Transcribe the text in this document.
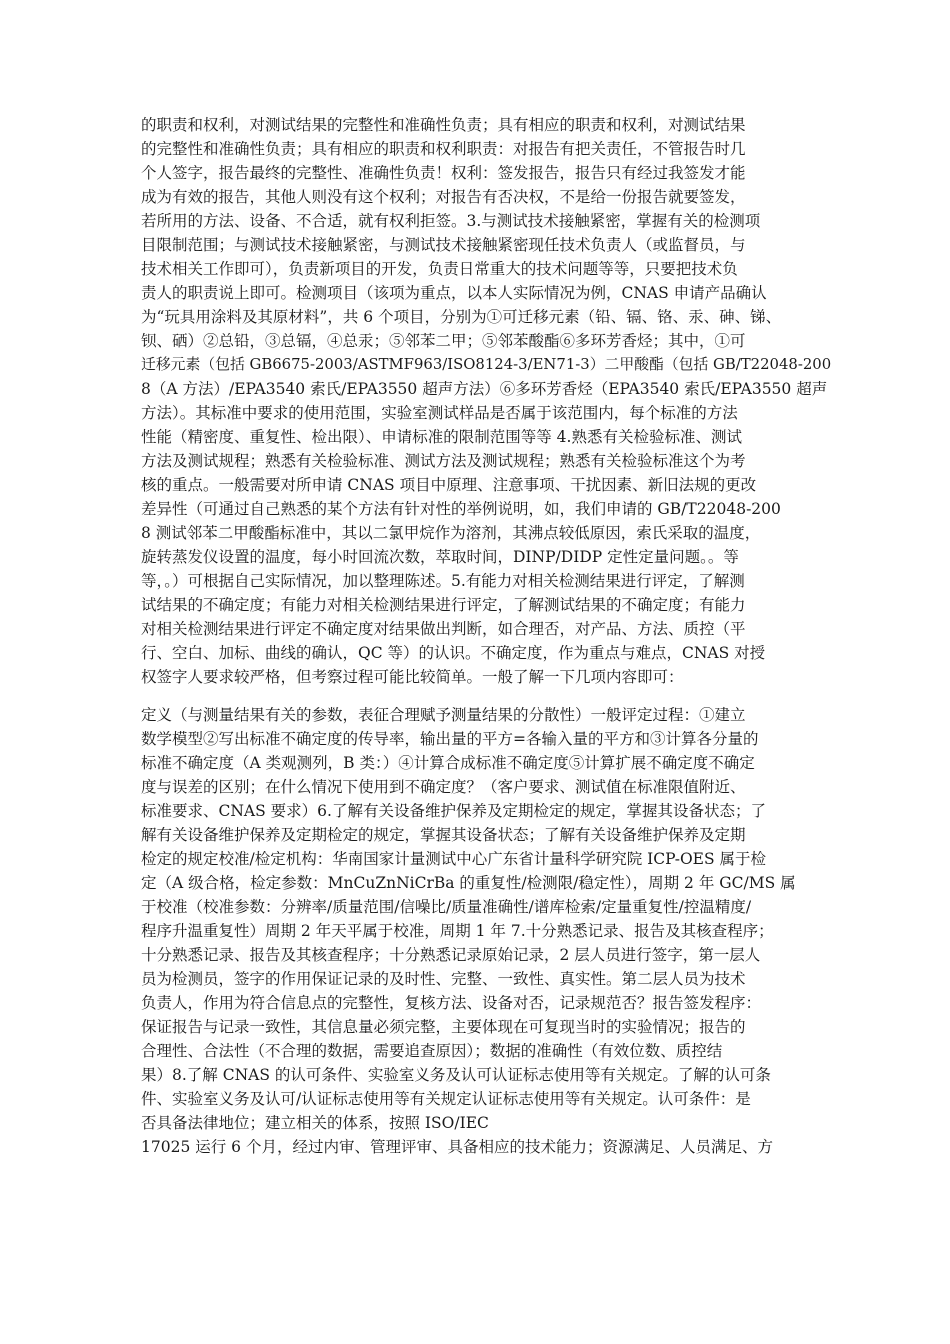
的职责和权利，对测试结果的完整性和准确性负责；具有相应的职责和权利，对测试结果
的完整性和准确性负责；具有相应的职责和权利职责：对报告有把关责任，不管报告时几
个人签字，报告最终的完整性、准确性负责！权利：签发报告，报告只有经过我签发才能
成为有效的报告，其他人则没有这个权利；对报告有否决权，不是给一份报告就要签发，
若所用的方法、设备、不合适，就有权利拒签。3.与测试技术接触紧密，掌握有关的检测项
目限制范围；与测试技术接触紧密，与测试技术接触紧密现任技术负责人（或监督员，与
技术相关工作即可），负责新项目的开发，负责日常重大的技术问题等等，只要把技术负
责人的职责说上即可。检测项目（该项为重点，以本人实际情况为例，CNAS 申请产品确认
为“玩具用涂料及其原材料”，共 6 个项目，分别为①可迁移元素（铅、镉、铬、汞、砷、锑、
钡、硒）②总铅，③总镉，④总汞；⑤邻苯二甲；⑤邻苯酸酯⑥多环芳香烃；其中，①可
迁移元素（包括 GB6675-2003/ASTMF963/ISO8124-3/EN71-3）二甲酸酯（包括 GB/T22048-200
8（A 方法）/EPA3540 索氏/EPA3550 超声方法）⑥多环芳香烃（EPA3540 索氏/EPA3550 超声
方法）。其标准中要求的使用范围，实验室测试样品是否属于该范围内，每个标准的方法
性能（精密度、重复性、检出限）、申请标准的限制范围等等 4.熟悉有关检验标准、测试
方法及测试规程；熟悉有关检验标准、测试方法及测试规程；熟悉有关检验标准这个为考
核的重点。一般需要对所申请 CNAS 项目中原理、注意事项、干扰因素、新旧法规的更改
差异性（可通过自己熟悉的某个方法有针对性的举例说明，如，我们申请的 GB/T22048-200
8 测试邻苯二甲酸酯标准中，其以二氯甲烷作为溶剂，其沸点较低原因，索氏采取的温度，
旋转蒸发仪设置的温度，每小时回流次数，萃取时间，DINP/DIDP 定性定量问题。。等
等，。）可根据自己实际情况，加以整理陈述。5.有能力对相关检测结果进行评定，了解测
试结果的不确定度；有能力对相关检测结果进行评定，了解测试结果的不确定度；有能力
对相关检测结果进行评定不确定度对结果做出判断，如合理否，对产品、方法、质控（平
行、空白、加标、曲线的确认，QC 等）的认识。不确定度，作为重点与难点，CNAS 对授
权签字人要求较严格，但考察过程可能比较简单。一般了解一下几项内容即可：
定义（与测量结果有关的参数，表征合理赋予测量结果的分散性）一般评定过程：①建立
数学模型②写出标准不确定度的传导率，输出量的平方=各输入量的平方和③计算各分量的
标准不确定度（A 类观测列，B 类：）④计算合成标准不确定度⑤计算扩展不确定度不确定
度与误差的区别；在什么情况下使用到不确定度？（客户要求、测试值在标准限值附近、
标准要求、CNAS 要求）6.了解有关设备维护保养及定期检定的规定，掌握其设备状态；了
解有关设备维护保养及定期检定的规定，掌握其设备状态；了解有关设备维护保养及定期
检定的规定校准/检定机构：华南国家计量测试中心广东省计量科学研究院 ICP-OES 属于检
定（A 级合格，检定参数：MnCuZnNiCrBa 的重复性/检测限/稳定性），周期 2 年 GC/MS 属
于校准（校准参数：分辨率/质量范围/信噪比/质量准确性/谱库检索/定量重复性/控温精度/
程序升温重复性）周期 2 年天平属于校准，周期 1 年 7.十分熟悉记录、报告及其核查程序；
十分熟悉记录、报告及其核查程序；十分熟悉记录原始记录，2 层人员进行签字，第一层人
员为检测员，签字的作用保证记录的及时性、完整、一致性、真实性。第二层人员为技术
负责人，作用为符合信息点的完整性，复核方法、设备对否，记录规范否？报告签发程序：
保证报告与记录一致性，其信息量必须完整，主要体现在可复现当时的实验情况；报告的
合理性、合法性（不合理的数据，需要追查原因）；数据的准确性（有效位数、质控结
果）8.了解 CNAS 的认可条件、实验室义务及认可认证标志使用等有关规定。了解的认可条
件、实验室义务及认可/认证标志使用等有关规定认证标志使用等有关规定。认可条件：是
否具备法律地位；建立相关的体系，按照 ISO/IEC
17025 运行 6 个月，经过内审、管理评审、具备相应的技术能力；资源满足、人员满足、方
